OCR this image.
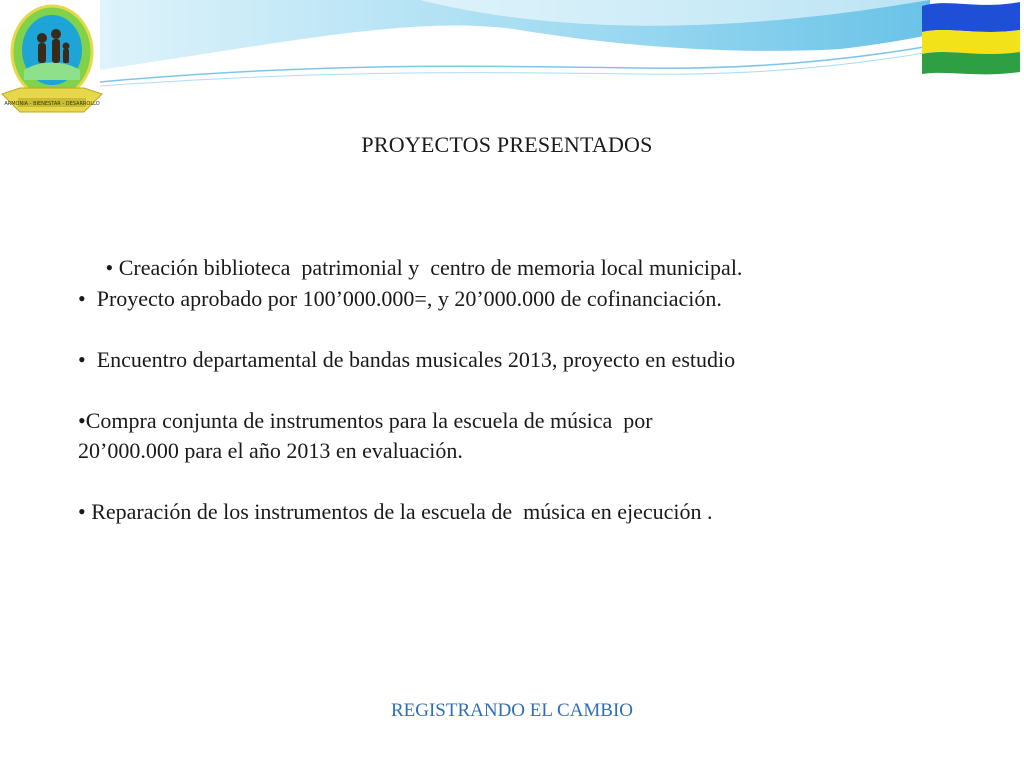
ARMONIA - BIENESTAR - DESARROLLO
PROYECTOS PRESENTADOS

• Creación biblioteca  patrimonial y  centro de memoria local municipal.

•  Proyecto aprobado por 100’000.000=, y 20’000.000 de cofinanciación.

•  Encuentro departamental de bandas musicales 2013, proyecto en estudio

•Compra conjunta de instrumentos para la escuela de música  por

20’000.000 para el año 2013 en evaluación.

• Reparación de los instrumentos de la escuela de  música en ejecución .

REGISTRANDO EL CAMBIO
